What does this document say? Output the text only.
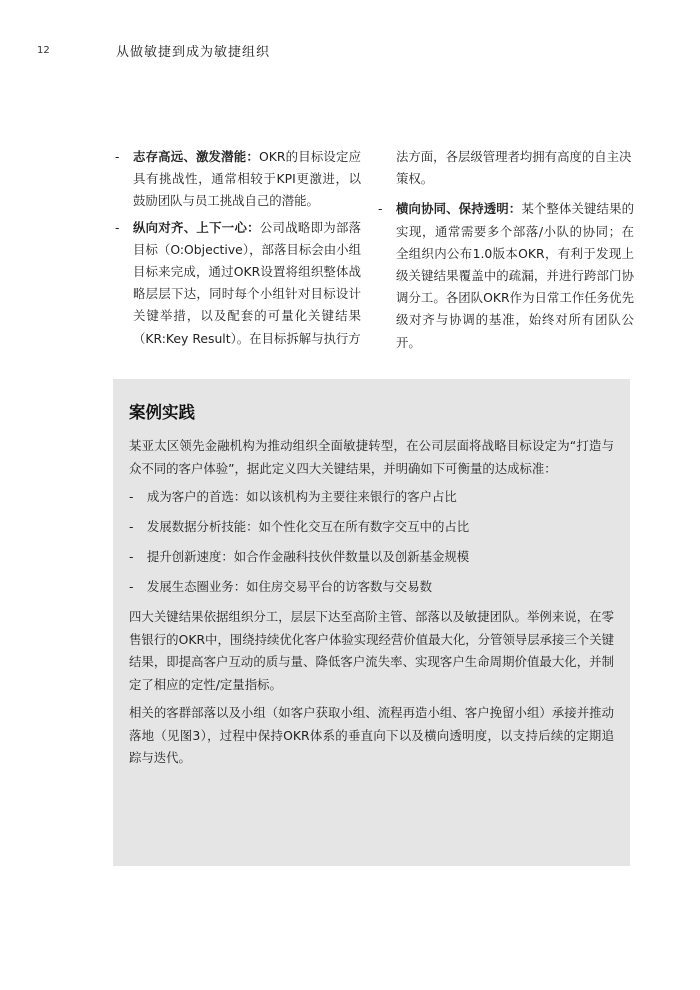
12	从做敏捷到成为敏捷组织

- 志存高远、激发潜能：OKR的目标设定应具有挑战性，通常相较于KPI更激进，以鼓励团队与员工挑战自己的潜能。

- 纵向对齐、上下一心：公司战略即为部落目标（O:Objective），部落目标会由小组目标来完成，通过OKR设置将组织整体战略层层下达，同时每个小组针对目标设计关键举措，以及配套的可量化关键结果（KR:Key Result）。在目标拆解与执行方

法方面，各层级管理者均拥有高度的自主决策权。

- 横向协同、保持透明：某个整体关键结果的实现，通常需要多个部落/小队的协同；在全组织内公布1.0版本OKR，有利于发现上级关键结果覆盖中的疏漏，并进行跨部门协调分工。各团队OKR作为日常工作任务优先级对齐与协调的基准，始终对所有团队公开。

案例实践

某亚太区领先金融机构为推动组织全面敏捷转型，在公司层面将战略目标设定为“打造与众不同的客户体验”，据此定义四大关键结果，并明确如下可衡量的达成标准：

- 成为客户的首选：如以该机构为主要往来银行的客户占比
- 发展数据分析技能：如个性化交互在所有数字交互中的占比
- 提升创新速度：如合作金融科技伙伴数量以及创新基金规模
- 发展生态圈业务：如住房交易平台的访客数与交易数

四大关键结果依据组织分工，层层下达至高阶主管、部落以及敏捷团队。举例来说，在零售银行的OKR中，围绕持续优化客户体验实现经营价值最大化，分管领导层承接三个关键结果，即提高客户互动的质与量、降低客户流失率、实现客户生命周期价值最大化，并制定了相应的定性/定量指标。

相关的客群部落以及小组（如客户获取小组、流程再造小组、客户挽留小组）承接并推动落地（见图3），过程中保持OKR体系的垂直向下以及横向透明度，以支持后续的定期追踪与迭代。
